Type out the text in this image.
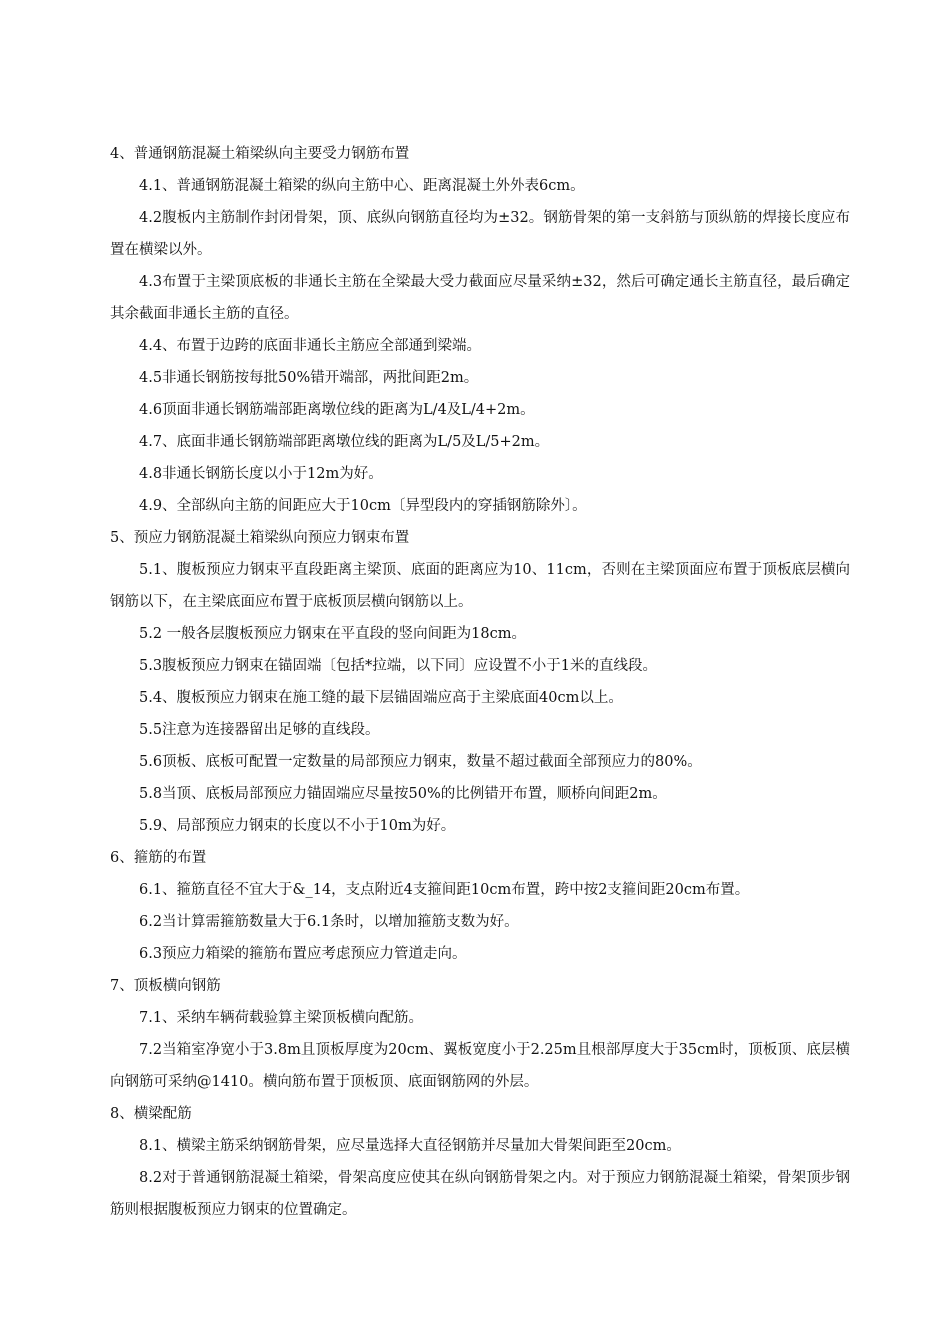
4、普通钢筋混凝土箱梁纵向主要受力钢筋布置

4.1、普通钢筋混凝土箱梁的纵向主筋中心、距离混凝土外外表6cm。

4.2腹板内主筋制作封闭骨架，顶、底纵向钢筋直径均为±32。钢筋骨架的第一支斜筋与顶纵筋的焊接长度应布置在横梁以外。

4.3布置于主梁顶底板的非通长主筋在全梁最大受力截面应尽量采纳±32，然后可确定通长主筋直径，最后确定其余截面非通长主筋的直径。

4.4、布置于边跨的底面非通长主筋应全部通到梁端。

4.5非通长钢筋按每批50%错开端部，两批间距2m。

4.6顶面非通长钢筋端部距离墩位线的距离为L/4及L/4+2m。

4.7、底面非通长钢筋端部距离墩位线的距离为L/5及L/5+2m。

4.8非通长钢筋长度以小于12m为好。

4.9、全部纵向主筋的间距应大于10cm〔异型段内的穿插钢筋除外〕。

5、预应力钢筋混凝土箱梁纵向预应力钢束布置

5.1、腹板预应力钢束平直段距离主梁顶、底面的距离应为10、11cm，否则在主梁顶面应布置于顶板底层横向钢筋以下，在主梁底面应布置于底板顶层横向钢筋以上。

5.2 一般各层腹板预应力钢束在平直段的竖向间距为18cm。

5.3腹板预应力钢束在锚固端〔包括*拉端，以下同〕应设置不小于1米的直线段。

5.4、腹板预应力钢束在施工缝的最下层锚固端应高于主梁底面40cm以上。

5.5注意为连接器留出足够的直线段。

5.6顶板、底板可配置一定数量的局部预应力钢束，数量不超过截面全部预应力的80%。

5.8当顶、底板局部预应力锚固端应尽量按50%的比例错开布置，顺桥向间距2m。

5.9、局部预应力钢束的长度以不小于10m为好。

6、箍筋的布置

6.1、箍筋直径不宜大于&_14，支点附近4支箍间距10cm布置，跨中按2支箍间距20cm布置。

6.2当计算需箍筋数量大于6.1条时，以增加箍筋支数为好。

6.3预应力箱梁的箍筋布置应考虑预应力管道走向。

7、顶板横向钢筋

7.1、采纳车辆荷载验算主梁顶板横向配筋。

7.2当箱室净宽小于3.8m且顶板厚度为20cm、翼板宽度小于2.25m且根部厚度大于35cm时，顶板顶、底层横向钢筋可采纳@1410。横向筋布置于顶板顶、底面钢筋网的外层。

8、横梁配筋

8.1、横梁主筋采纳钢筋骨架，应尽量选择大直径钢筋并尽量加大骨架间距至20cm。

8.2对于普通钢筋混凝土箱梁，骨架高度应使其在纵向钢筋骨架之内。对于预应力钢筋混凝土箱梁，骨架顶步钢筋则根据腹板预应力钢束的位置确定。
